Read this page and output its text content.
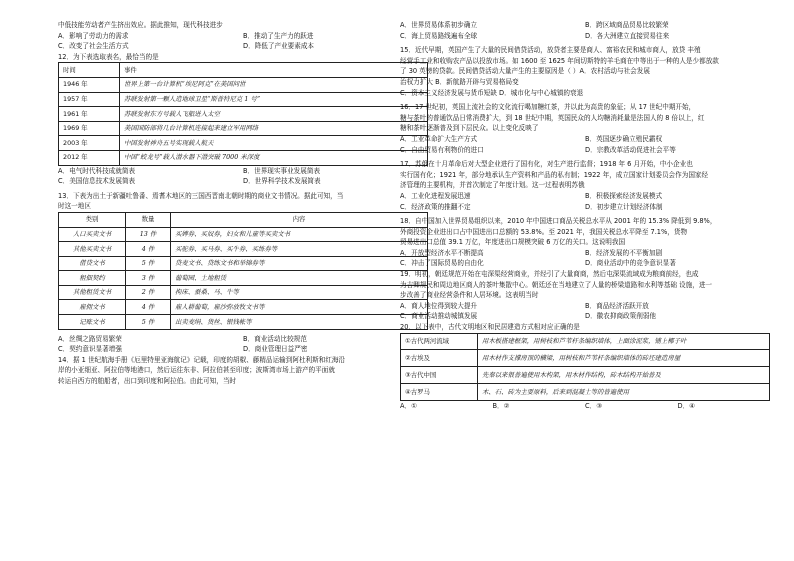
中低技能劳动者产生挤出效应。据此推知，现代科技进步
A．影响了劳动力的需求	B．推动了生产力的跃进
C．改变了社会生活方式	D．降低了产业要素成本
12．为下表选取表名，最恰当的是
时间	事件
1946 年	世界上第一台计算机“埃尼阿克”在美国问世
1957 年	苏联发射第一颗人造地球卫星“斯普特尼克 1 号”
1961 年	苏联发射东方号载人飞船进入太空
1969 年	美国国防部将几台计算机连接起来建立军用网络
2003 年	中国发射神舟五号实现载人航天
2012 年	中国“蛟龙号”载人潜水器下潜突破 7000 米深度
A．电气时代科技成就简表	B．世界现实事业发展简表
C．美国信息技术发展简表	D．世界科学技术发展简表
13．下表为出土于新疆吐鲁番、焉耆木地区的三国西晋南北朝时期的商业文书情况。据此可知，当
时这一地区
类别	数量	内容
人口买卖文书	13 件	买婢券、买奴券，妇女和儿童等买卖文书
其他买卖文书	4 件	买驼券、买马券、买牛券、买练券等
借贷文书	5 件	贷麦文书、贷练文书和举锦券等
租佃契约	3 件	葡萄园、土地租赁
其他租赁文书	2 件	拘床、蚕桑、马、牛等
雇佣文书	4 件	雇人耕葡萄，雇沙弥放牧文书等
记账文书	5 件	出卖麦绢、货丝、银钱帐等
A．丝绸之路贸易繁荣	B．商业活动比较规范
C．契约意识显著增强	D．商业管理日益严密
14．据 1 世纪航海手册《厄里特里亚海航记》记载，印度的胡椒、藤精品运输到阿杜利斯和红海沿
岸的小亚细亚、阿拉伯等地港口，然后运往东非、阿拉伯甚至印度；波斯湾市场上游产的平面就
转运自西方的舶船者，出口到印度和阿拉伯。由此可知，当时
A．世界贸易体系初步确立	B．跨区域商品贸易比较繁荣
C．海上贸易路线遍布全球	D．各大洲建立直接贸易往来
15．近代早期，英国产生了大量的民间借贷活动，放贷者主要是商人、富裕农民和城市商人，放贷 丰殖
经营手工业和收购农产品以投放市场。如 1600 至 1625 年间切斯特的羊毛商在中等出于一种的人是少都放款
了 30 英镑的贷款。民间借贷活动大量产生的主要原因是（ ）A．农村活动与社会发展
治权力扩大 B．新航路开辟与贸易格局变
C．资本主义经济发展与货币短缺 D．城市化与中心城镇的衰退
16．17 世纪初，英国上流社会的文化流行喝加糖红茶，并以此为高贵的象征；从 17 世纪中期开始，
糖与茶叶的普通饮品日常消费扩大，到 18 世纪中期，英国民众的人均糖消耗量是法国人的 8 倍以上，红
糖和茶叶逐渐普及到下层民众。以上变化反映了
A．工业革命扩大生产方式	B．英国逐步确立殖民霸权
C．自由贸易有利物价的进口	D．宗教改革活动促进社会平等
17．苏俄在十月革命后对大型企业进行了国有化，对生产进行监督；1918 年 6 月开始，中小企业也
实行国有化；1921 年，部分地承认生产资料和产品的私有制；1922 年，成立国家计划委员会作为国家经
济管理的主要机构，并首次制定了年度计划。这一过程表明苏俄
A．工业化进程发展迅速	B．积极探索经济发展模式
C．经济政策的推翻不定	D．初步建立计划经济体制
18．自中国加入世界贸易组织以来，2010 年中国进口商品关税总水平从 2001 年的 15.3% 降低到 9.8%，
外商投资企业进出口占中国进出口总额的 53.8%。至 2021 年，我国关税总水平降至 7.1%，货物
贸易进出口总值 39.1 万亿，年度进出口规模突破 6 万亿的关口。这说明我国
A．开放型经济水平不断提高	B．经济发展的不平衡加剧
C．冲击了国际贸易的自由化	D．商业活动中的竞争意识显著
19．明初，朝廷规范开始在屯深渠经营商业，并经引了大量商商，然后屯深渠流域成为粮商前经，也成
为吉卿规民和周边地区商人的茶叶集散中心。朝廷还在当地建立了人量的桥梁道路和水利等基础 设施，进一
步改善了商业经营条件和人居环境。这表明当时
A．商人地位得到较大提升	B．商品经济活跃开放
C．商业活动推动城镇发展	D．徽农抑商政策削弱他
20．以下表中，古代文明地区和民居建造方式相对应正确的是
①古代两河流域	用木板搭建框架，用树枝和芦苇杆条编织墙体，上面涂泥浆，铺上椰子叶
②古埃及	用木材作支撑房顶的横梁，用树枝和芦苇杆条编织墙体的砖坯建造房屋
③古代中国	先秦以来很普遍使用木构架，用木材作结构，砖木结构开始普及
④古罗马	木、石、砖为主要原料，后来到混凝土等的普遍使用
A．①	B．②	C．③	D．④
